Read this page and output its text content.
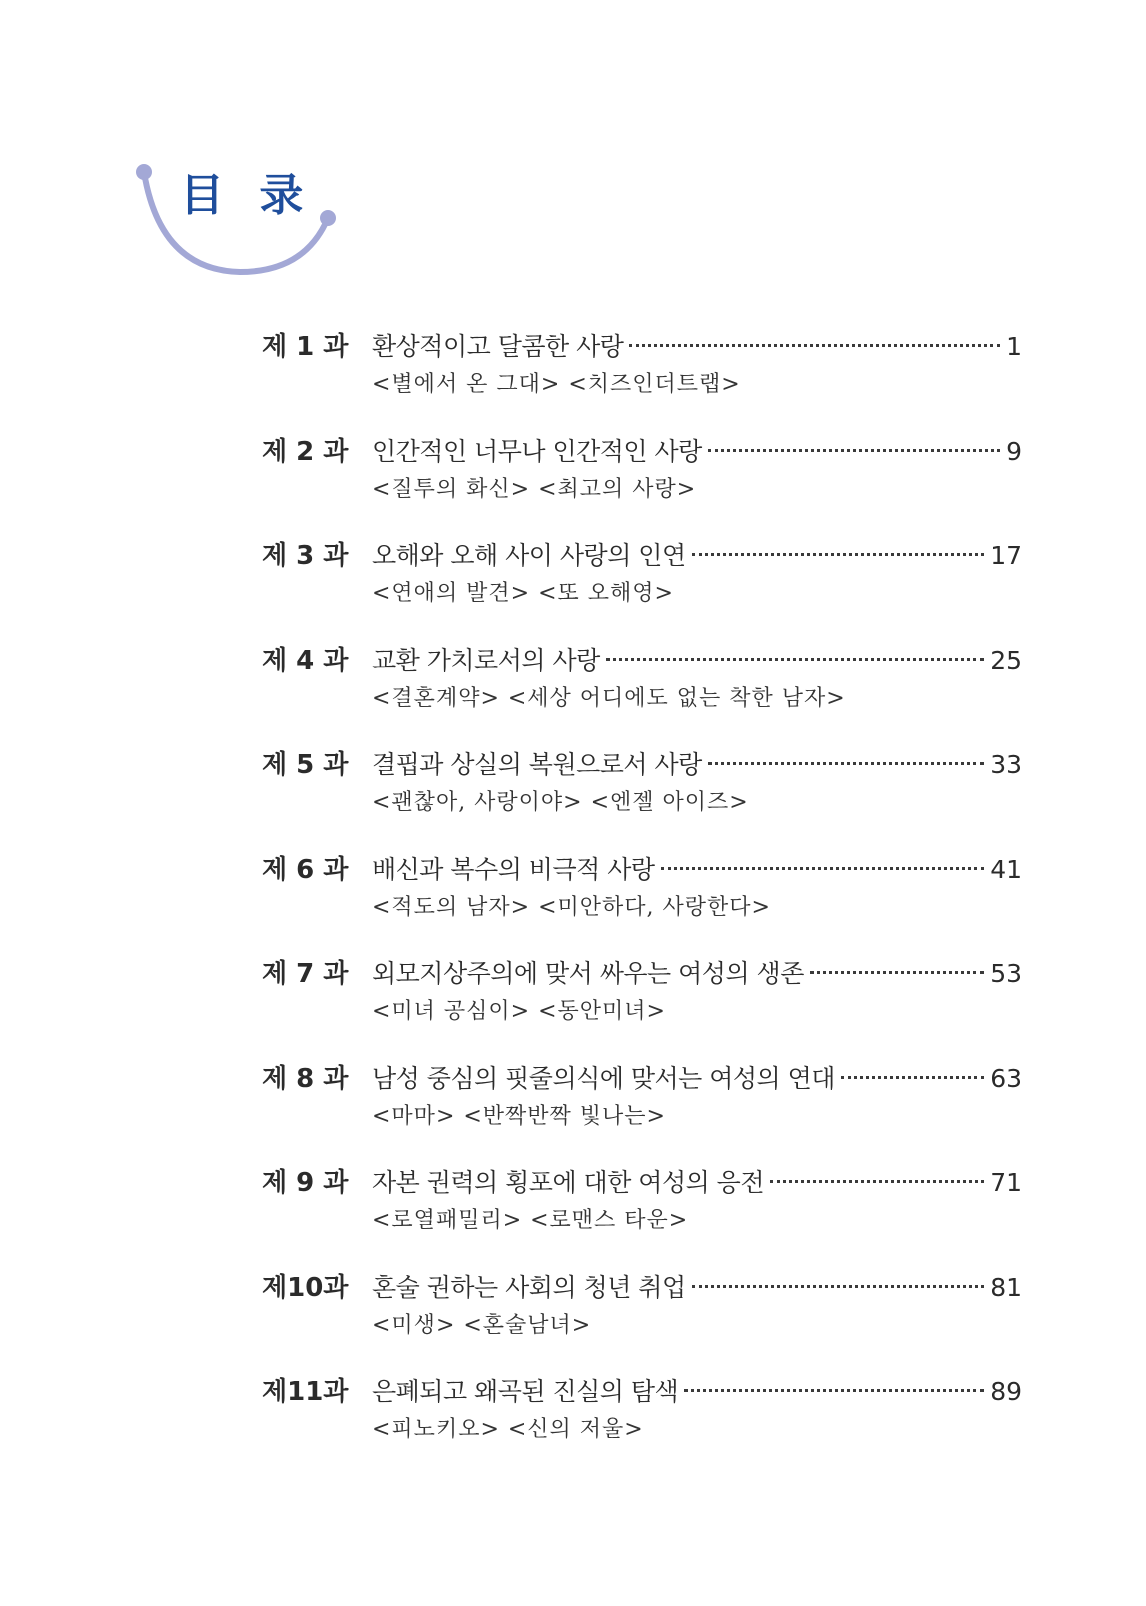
目 录
제 1 과 환상적이고 달콤한 사랑	1
<별에서 온 그대> <치즈인더트랩>
제 2 과 인간적인 너무나 인간적인 사랑	9
<질투의 화신> <최고의 사랑>
제 3 과 오해와 오해 사이 사랑의 인연	17
<연애의 발견> <또 오해영>
제 4 과 교환 가치로서의 사랑	25
<결혼계약> <세상 어디에도 없는 착한 남자>
제 5 과 결핍과 상실의 복원으로서 사랑	33
<괜찮아, 사랑이야> <엔젤 아이즈>
제 6 과 배신과 복수의 비극적 사랑	41
<적도의 남자> <미안하다, 사랑한다>
제 7 과 외모지상주의에 맞서 싸우는 여성의 생존	53
<미녀 공심이> <동안미녀>
제 8 과 남성 중심의 핏줄의식에 맞서는 여성의 연대	63
<마마> <반짝반짝 빛나는>
제 9 과 자본 권력의 횡포에 대한 여성의 응전	71
<로열패밀리> <로맨스 타운>
제10과 혼술 권하는 사회의 청년 취업	81
<미생> <혼술남녀>
제11과 은폐되고 왜곡된 진실의 탐색	89
<피노키오> <신의 저울>
